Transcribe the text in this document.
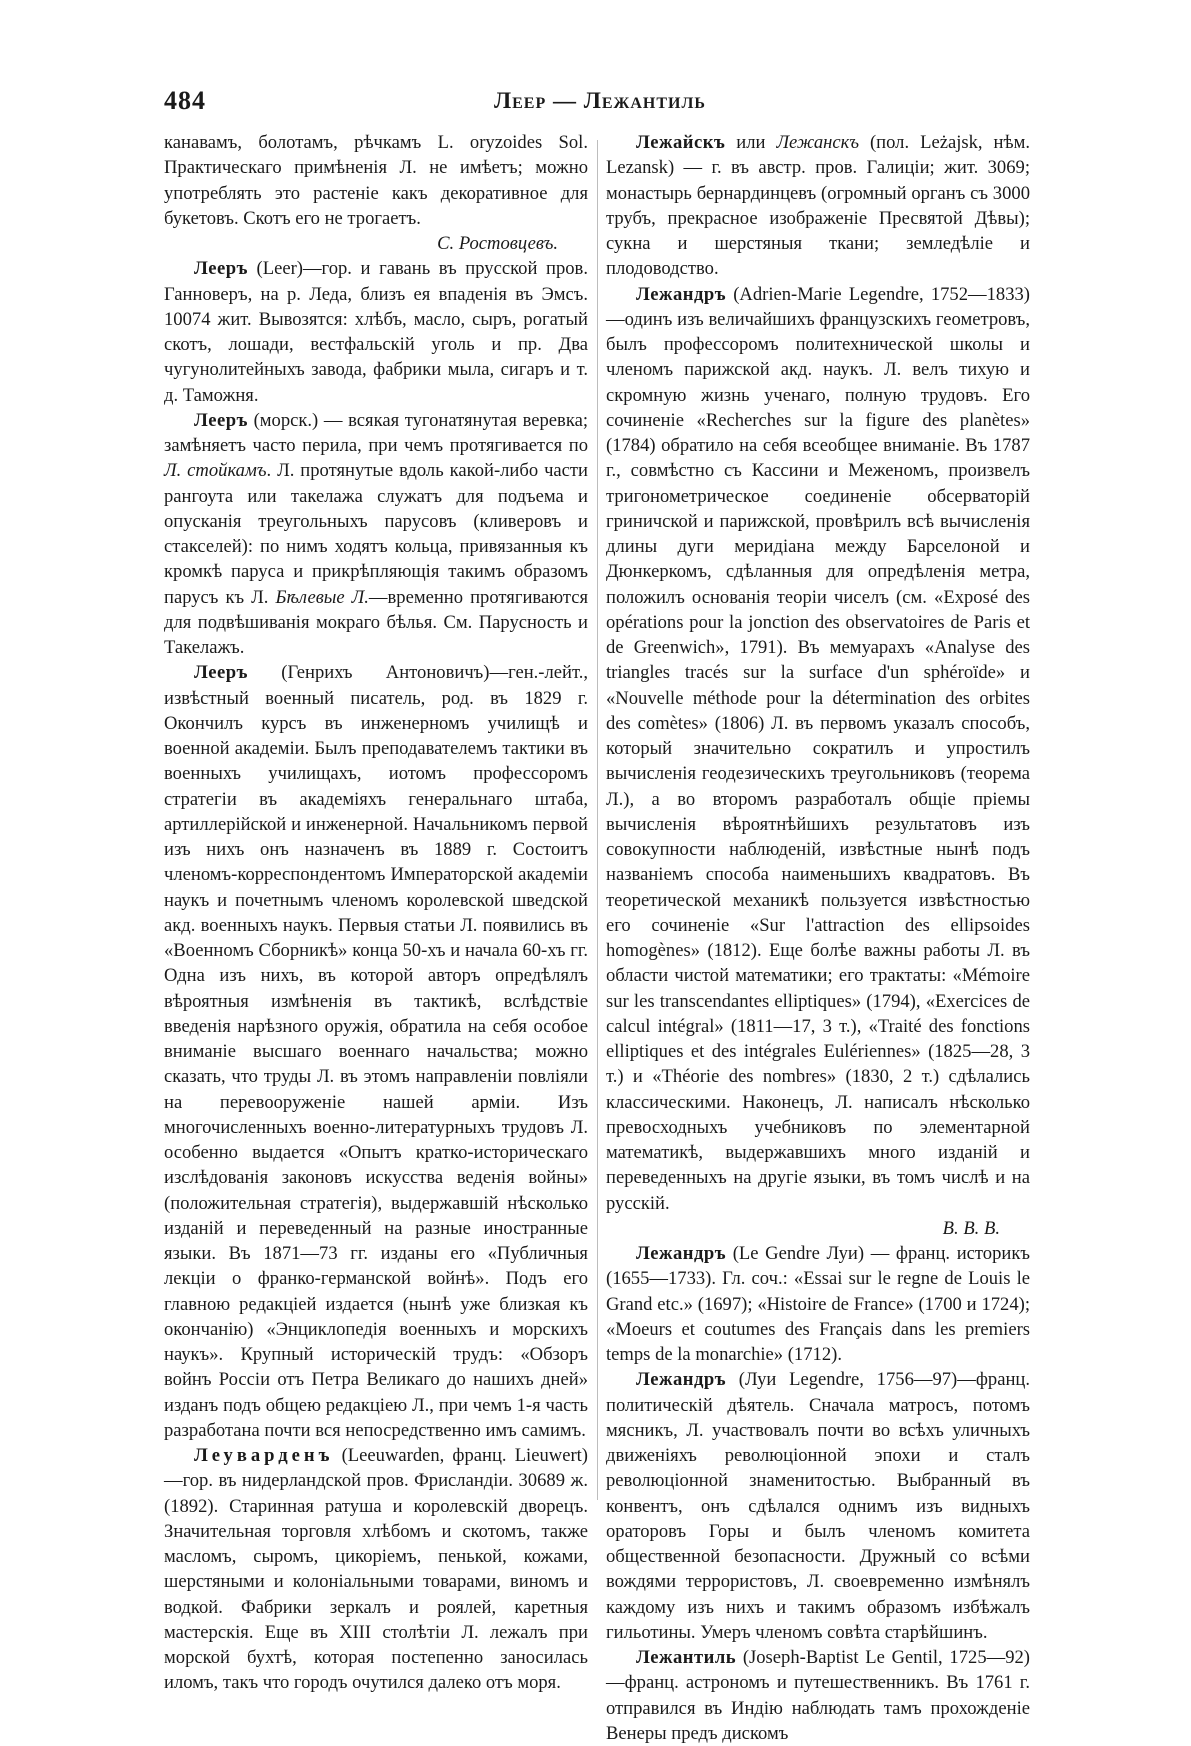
484	Леер — Лежантиль

канавамъ, болотамъ, рѣчкамъ L. oryzoides Sol. Практическаго примѣненія Л. не имѣетъ; можно употреблять это растеніе какъ декоративное для букетовъ. Скотъ его не трогаетъ.

С. Ростовцевъ.

Лееръ (Leer)—гор. и гавань въ прусской пров. Ганноверъ, на р. Леда, близъ ея впаденія въ Эмсъ. 10074 жит. Вывозятся: хлѣбъ, масло, сыръ, рогатый скотъ, лошади, вестфальскій уголь и пр. Два чугунолитейныхъ завода, фабрики мыла, сигаръ и т. д. Таможня.

Лееръ (морск.) — всякая тугонатянутая веревка; замѣняетъ часто перила, при чемъ протягивается по Л. стойкамъ. Л. протянутые вдоль какой-либо части рангоута или такелажа служатъ для подъема и опусканія треугольныхъ парусовъ (кливеровъ и стакселей): по нимъ ходятъ кольца, привязанныя къ кромкѣ паруса и прикрѣпляющія такимъ образомъ парусъ къ Л. Бѣлевые Л.—временно протягиваются для подвѣшиванія мокраго бѣлья. См. Парусность и Такелажъ.

Лееръ (Генрихъ Антоновичъ)—ген.-лейт., извѣстный военный писатель, род. въ 1829 г. Окончилъ курсъ въ инженерномъ училищѣ и военной академіи. Былъ преподавателемъ тактики въ военныхъ училищахъ, иотомъ профессоромъ стратегіи въ академіяхъ генеральнаго штаба, артиллерійской и инженерной. Начальникомъ первой изъ нихъ онъ назначенъ въ 1889 г. Состоитъ членомъ-корреспондентомъ Императорской академіи наукъ и почетнымъ членомъ королевской шведской акд. военныхъ наукъ. Первыя статьи Л. появились въ «Военномъ Сборникѣ» конца 50-хъ и начала 60-хъ гг. Одна изъ нихъ, въ которой авторъ опредѣлялъ вѣроятныя измѣненія въ тактикѣ, вслѣдствіе введенія нарѣзного оружія, обратила на себя особое вниманіе высшаго военнаго начальства; можно сказать, что труды Л. въ этомъ направленіи повліяли на перевооруженіе нашей арміи. Изъ многочисленныхъ военно-литературныхъ трудовъ Л. особенно выдается «Опытъ кратко-историческаго изслѣдованія законовъ искусства веденія войны» (положительная стратегія), выдержавшій нѣсколько изданій и переведенный на разные иностранные языки. Въ 1871—73 гг. изданы его «Публичныя лекціи о франко-германской войнѣ». Подъ его главною редакціей издается (нынѣ уже близкая къ окончанію) «Энциклопедія военныхъ и морскихъ наукъ». Крупный историческій трудъ: «Обзоръ войнъ Россіи отъ Петра Великаго до нашихъ дней» изданъ подъ общею редакціею Л., при чемъ 1-я часть разработана почти вся непосредственно имъ самимъ.

Леуварденъ (Leeuwarden, франц. Lieuwert)—гор. въ нидерландской пров. Фрисландіи. 30689 ж. (1892). Старинная ратуша и королевскій дворецъ. Значительная торговля хлѣбомъ и скотомъ, также масломъ, сыромъ, цикоріемъ, пенькой, кожами, шерстяными и колоніальными товарами, виномъ и водкой. Фабрики зеркалъ и роялей, каретныя мастерскія. Еще въ XIII столѣтіи Л. лежалъ при морской бухтѣ, которая постепенно заносилась иломъ, такъ что городъ очутился далеко отъ моря.

Лежайскъ или Лежанскъ (пол. Leżajsk, нѣм. Lezansk) — г. въ австр. пров. Галиціи; жит. 3069; монастырь бернардинцевъ (огромный органъ съ 3000 трубъ, прекрасное изображеніе Пресвятой Дѣвы); сукна и шерстяныя ткани; земледѣліе и плодоводство.

Лежандръ (Adrien-Marie Legendre, 1752—1833)—одинъ изъ величайшихъ французскихъ геометровъ, былъ профессоромъ политехнической школы и членомъ парижской акд. наукъ. Л. велъ тихую и скромную жизнь ученаго, полную трудовъ. Его сочиненіе «Recherches sur la figure des planètes» (1784) обратило на себя всеобщее вниманіе. Въ 1787 г., совмѣстно съ Кассини и Меженомъ, произвелъ тригонометрическое соединеніе обсерваторій гриничской и парижской, провѣрилъ всѣ вычисленія длины дуги меридіана между Барселоной и Дюнкеркомъ, сдѣланныя для опредѣленія метра, положилъ основанія теоріи чиселъ (см. «Exposé des opérations pour la jonction des observatoires de Paris et de Greenwich», 1791). Въ мемуарахъ «Analyse des triangles tracés sur la surface d'un sphéroïde» и «Nouvelle méthode pour la détermination des orbites des comètes» (1806) Л. въ первомъ указалъ способъ, который значительно сократилъ и упростилъ вычисленія геодезическихъ треугольниковъ (теорема Л.), а во второмъ разработалъ общіе пріемы вычисленія вѣроятнѣйшихъ результатовъ изъ совокупности наблюденій, извѣстные нынѣ подъ названіемъ способа наименьшихъ квадратовъ. Въ теоретической механикѣ пользуется извѣстностью его сочиненіе «Sur l'attraction des ellipsoides homogènes» (1812). Еще болѣе важны работы Л. въ области чистой математики; его трактаты: «Mémoire sur les transcendantes elliptiques» (1794), «Exercices de calcul intégral» (1811—17, 3 т.), «Traité des fonctions elliptiques et des intégrales Eulériennes» (1825—28, 3 т.) и «Théorie des nombres» (1830, 2 т.) сдѣлались классическими. Наконецъ, Л. написалъ нѣсколько превосходныхъ учебниковъ по элементарной математикѣ, выдержавшихъ много изданій и переведенныхъ на другіе языки, въ томъ числѣ и на русскій.

В. В. В.

Лежандръ (Le Gendre Луи) — франц. историкъ (1655—1733). Гл. соч.: «Essai sur le regne de Louis le Grand etc.» (1697); «Histoire de France» (1700 и 1724); «Moeurs et coutumes des Français dans les premiers temps de la monarchie» (1712).

Лежандръ (Луи Legendre, 1756—97)—франц. политическій дѣятель. Сначала матросъ, потомъ мясникъ, Л. участвовалъ почти во всѣхъ уличныхъ движеніяхъ революціонной эпохи и сталъ революціонной знаменитостью. Выбранный въ конвентъ, онъ сдѣлался однимъ изъ видныхъ ораторовъ Горы и былъ членомъ комитета общественной безопасности. Дружный со всѣми вождями террористовъ, Л. своевременно измѣнялъ каждому изъ нихъ и такимъ образомъ избѣжалъ гильотины. Умеръ членомъ совѣта старѣйшинъ.

Лежантиль (Joseph-Baptist Le Gentil, 1725—92)—франц. астрономъ и путешественникъ. Въ 1761 г. отправился въ Индію наблюдать тамъ прохожденіе Венеры предъ дискомъ
